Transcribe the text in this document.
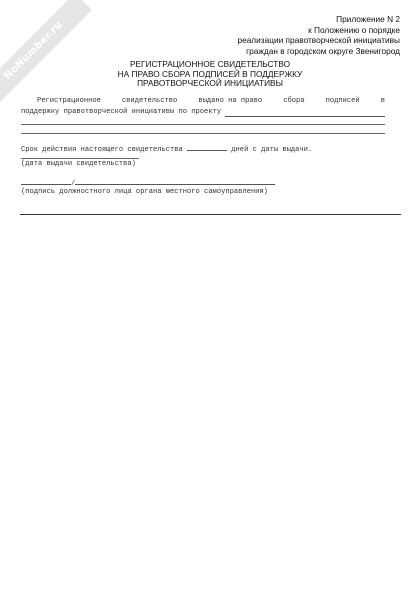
NoNumber.ru
Приложение N 2
к Положению о порядке
реализации правотворческой инициативы
граждан в городском округе Звенигород
РЕГИСТРАЦИОННОЕ СВИДЕТЕЛЬСТВО
НА ПРАВО СБОРА ПОДПИСЕЙ В ПОДДЕРЖКУ
ПРАВОТВОРЧЕСКОЙ ИНИЦИАТИВЫ
Регистрационное	свидетельство	выдано на право	сбора	подписей	в
поддержку правотворческой инициативы по проекту
Срок действия настоящего свидетельства	дней с даты выдачи.
(дата выдачи свидетельства)
/
(подпись должностного лица органа местного самоуправления)
